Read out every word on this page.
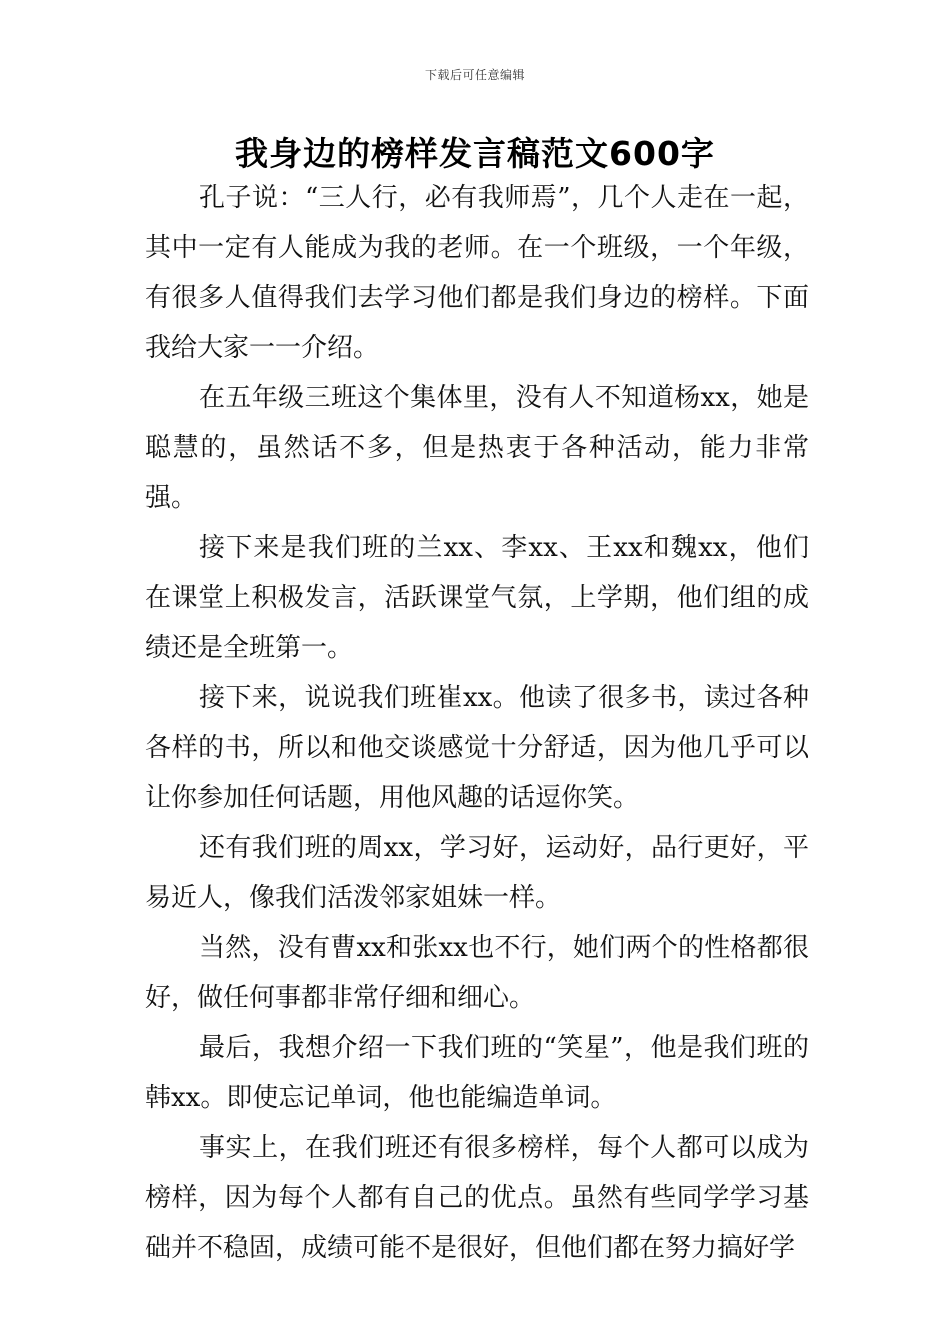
下载后可任意编辑
我身边的榜样发言稿范文600字

孔子说：“三人行，必有我师焉”，几个人走在一起，其中一定有人能成为我的老师。在一个班级，一个年级，有很多人值得我们去学习他们都是我们身边的榜样。下面我给大家一一介绍。

在五年级三班这个集体里，没有人不知道杨xx，她是聪慧的，虽然话不多，但是热衷于各种活动，能力非常强。

接下来是我们班的兰xx、李xx、王xx和魏xx，他们在课堂上积极发言，活跃课堂气氛，上学期，他们组的成绩还是全班第一。

接下来，说说我们班崔xx。他读了很多书，读过各种各样的书，所以和他交谈感觉十分舒适，因为他几乎可以让你参加任何话题，用他风趣的话逗你笑。

还有我们班的周xx，学习好，运动好，品行更好，平易近人，像我们活泼邻家姐妹一样。

当然，没有曹xx和张xx也不行，她们两个的性格都很好，做任何事都非常仔细和细心。

最后，我想介绍一下我们班的“笑星”，他是我们班的韩xx。即使忘记单词，他也能编造单词。

事实上，在我们班还有很多榜样，每个人都可以成为榜样，因为每个人都有自己的优点。虽然有些同学学习基础并不稳固，成绩可能不是很好，但他们都在努力搞好学
